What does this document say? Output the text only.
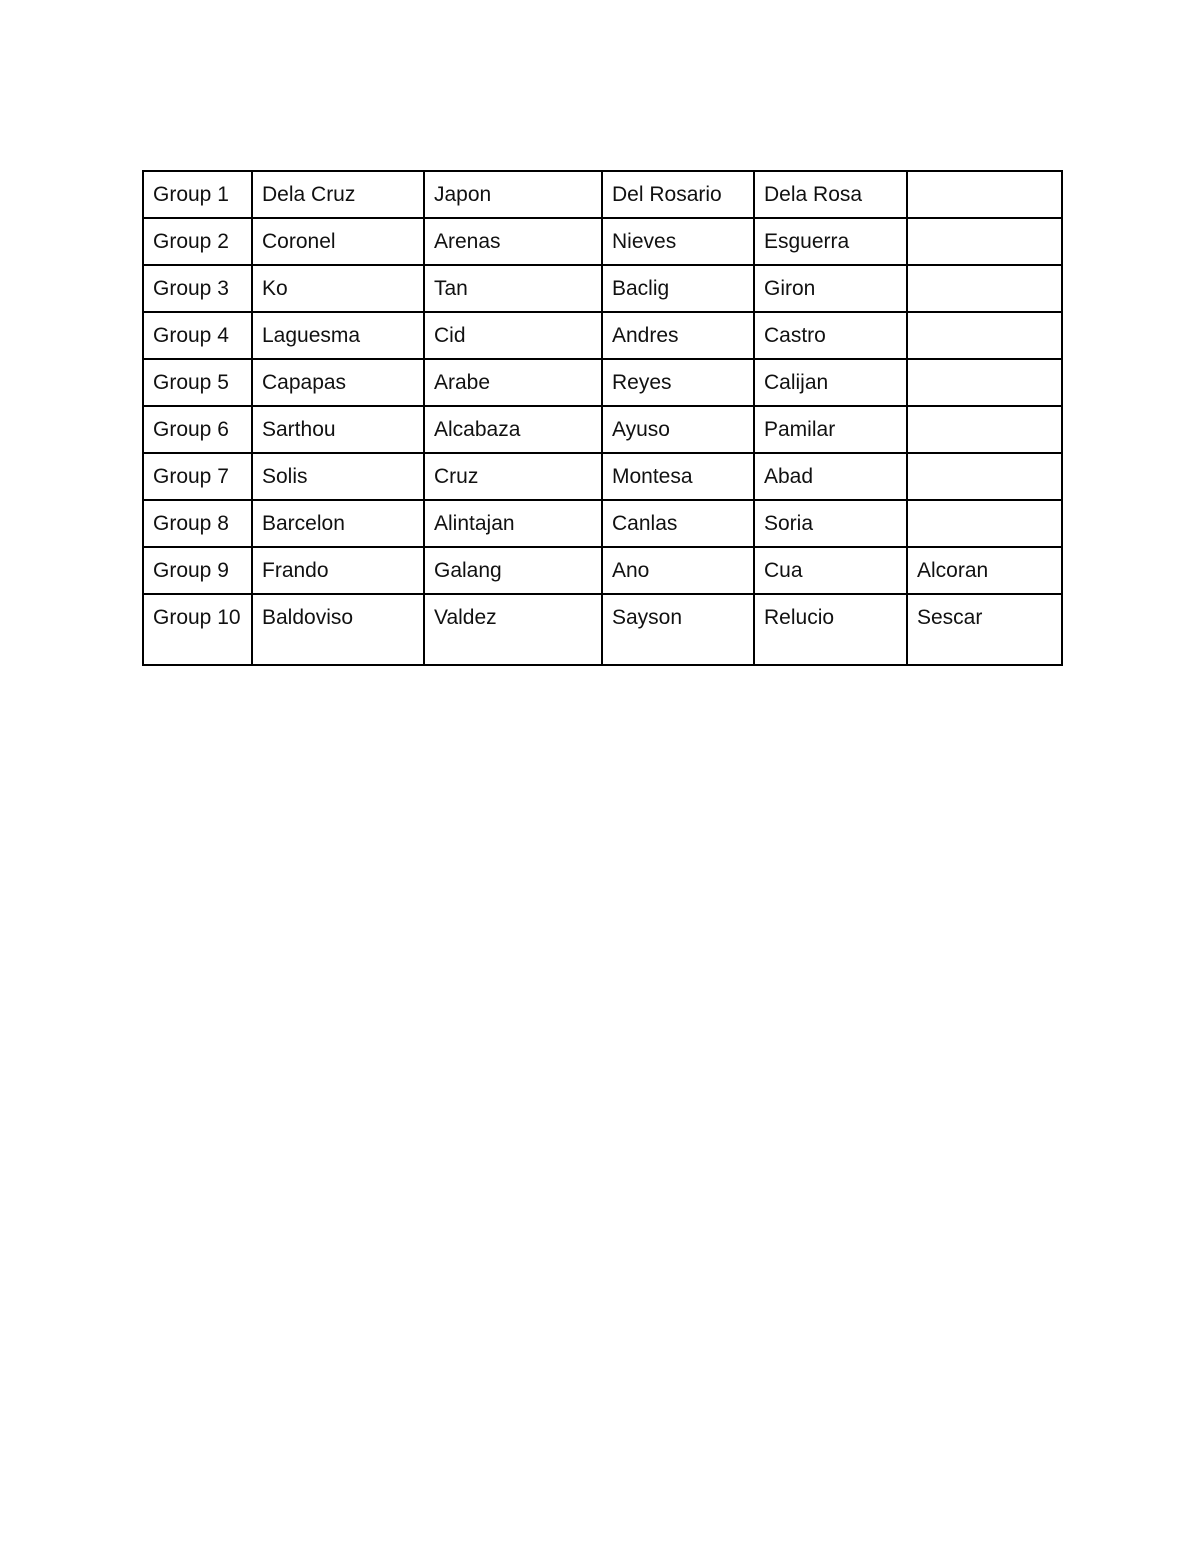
Group 1	Dela Cruz	Japon	Del Rosario	Dela Rosa	
Group 2	Coronel	Arenas	Nieves	Esguerra	
Group 3	Ko	Tan	Baclig	Giron	
Group 4	Laguesma	Cid	Andres	Castro	
Group 5	Capapas	Arabe	Reyes	Calijan	
Group 6	Sarthou	Alcabaza	Ayuso	Pamilar	
Group 7	Solis	Cruz	Montesa	Abad	
Group 8	Barcelon	Alintajan	Canlas	Soria	
Group 9	Frando	Galang	Ano	Cua	Alcoran
Group 10	Baldoviso	Valdez	Sayson	Relucio	Sescar
